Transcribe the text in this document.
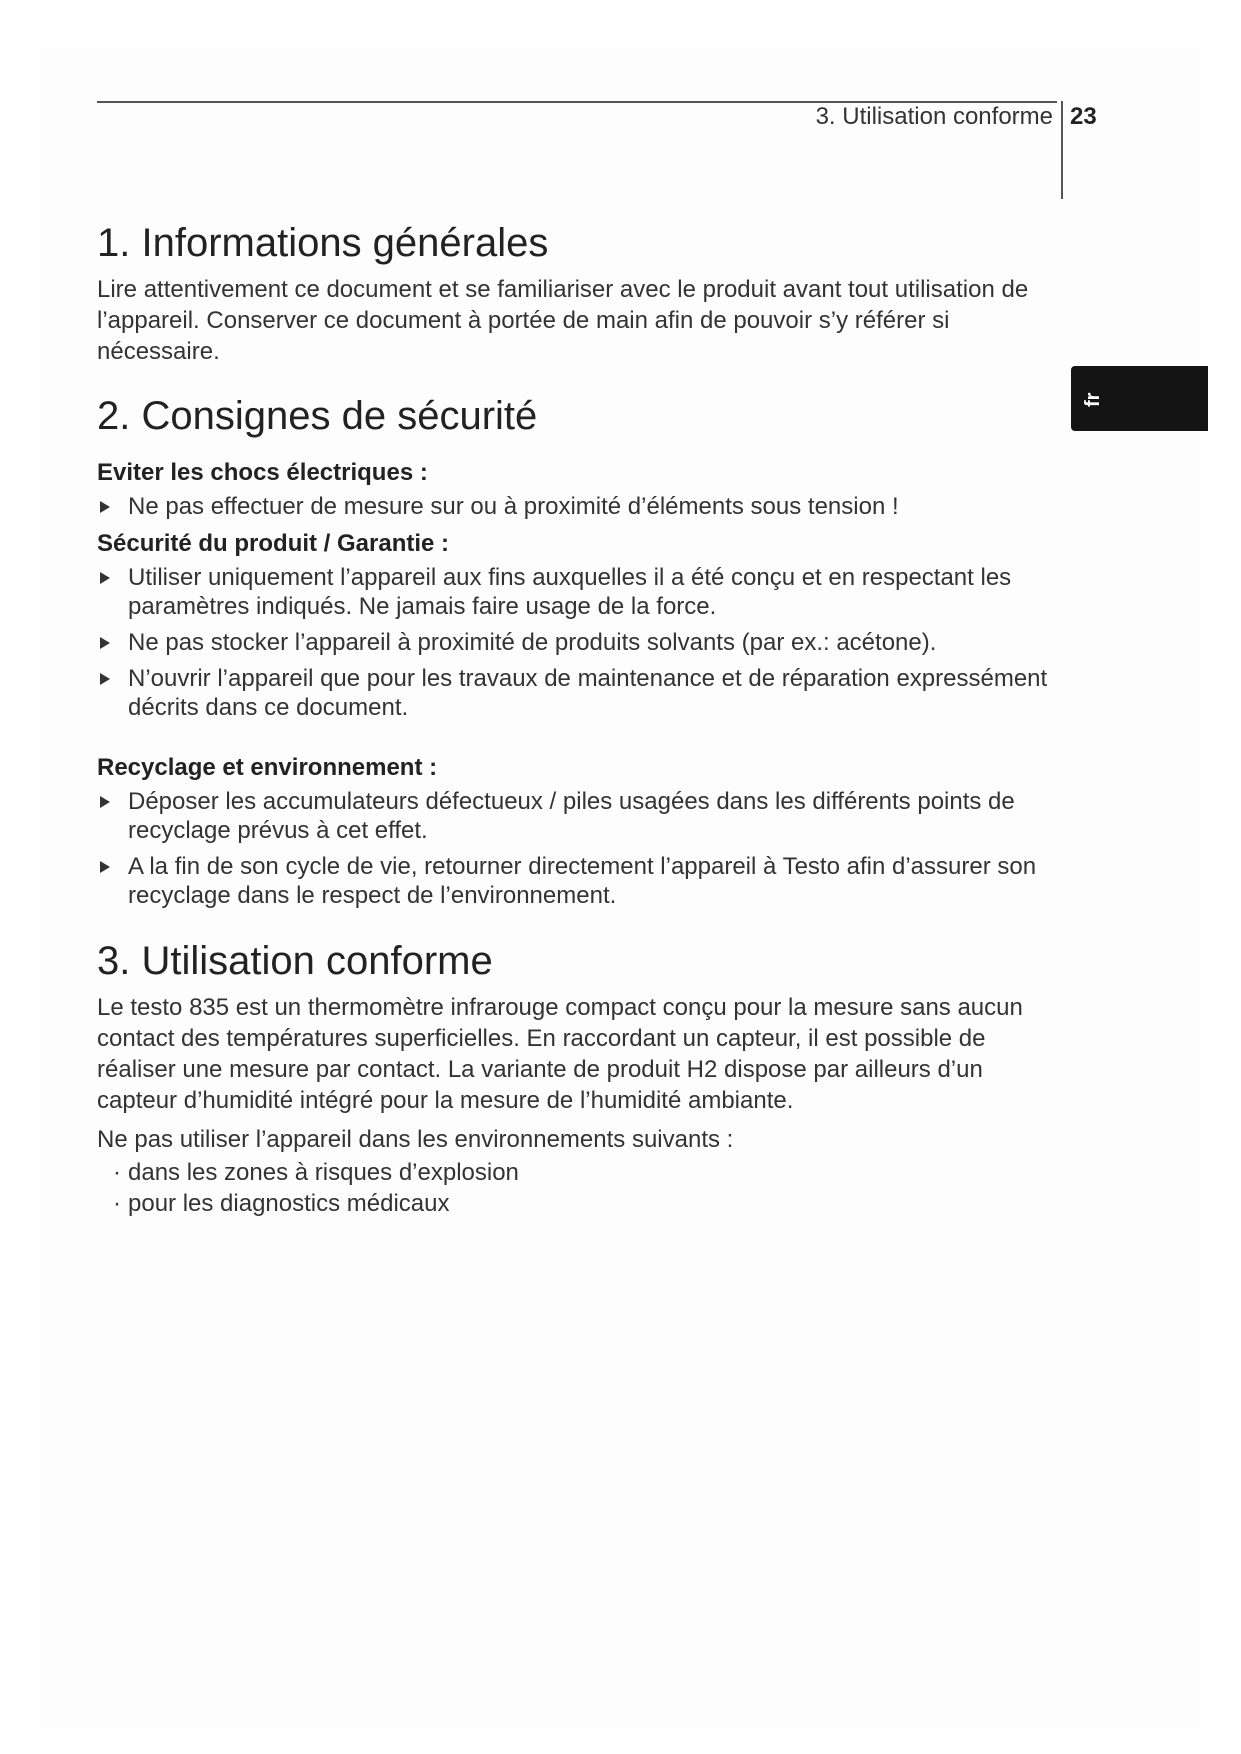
3. Utilisation conforme 23
fr
1. Informations générales

Lire attentivement ce document et se familiariser avec le produit avant tout utilisation de l’appareil. Conserver ce document à portée de main afin de pouvoir s’y référer si nécessaire.

2. Consignes de sécurité
Eviter les chocs électriques :
Ne pas effectuer de mesure sur ou à proximité d’éléments sous tension !
Sécurité du produit / Garantie :
Utiliser uniquement l’appareil aux fins auxquelles il a été conçu et en respectant les paramètres indiqués. Ne jamais faire usage de la force.
Ne pas stocker l’appareil à proximité de produits solvants (par ex.: acétone).
N’ouvrir l’appareil que pour les travaux de maintenance et de réparation expressément décrits dans ce document.
Recyclage et environnement :
Déposer les accumulateurs défectueux / piles usagées dans les différents points de recyclage prévus à cet effet.
A la fin de son cycle de vie, retourner directement l’appareil à Testo afin d’assurer son recyclage dans le respect de l’environnement.
3. Utilisation conforme

Le testo 835 est un thermomètre infrarouge compact conçu pour la mesure sans aucun contact des températures superficielles. En raccordant un capteur, il est possible de réaliser une mesure par contact. La variante de produit H2 dispose par ailleurs d’un capteur d’humidité intégré pour la mesure de l’humidité ambiante.

Ne pas utiliser l’appareil dans les environnements suivants :

· dans les zones à risques d’explosion
· pour les diagnostics médicaux
